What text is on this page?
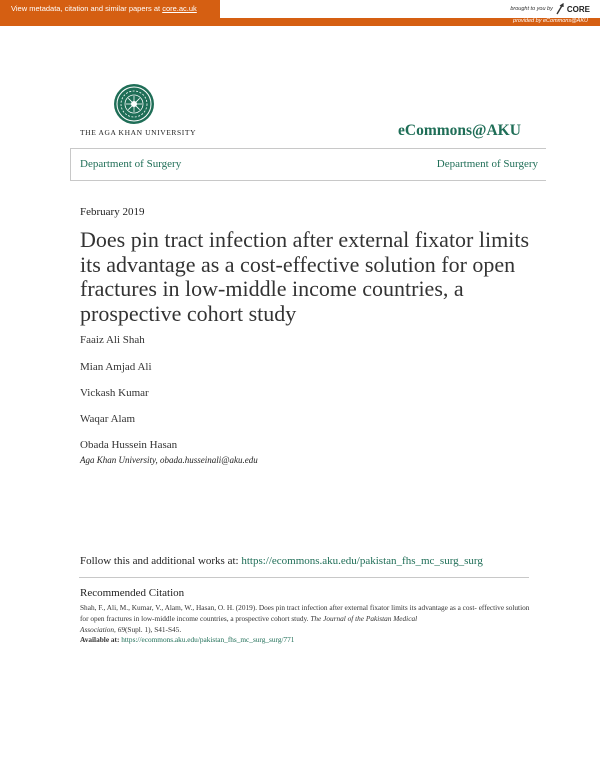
View metadata, citation and similar papers at core.ac.uk	brought to you by CORE
provided by eCommons@AKU
THE AGA KHAN UNIVERSITY	eCommons@AKU
Department of Surgery	Department of Surgery
February 2019
Does pin tract infection after external fixator limits
its advantage as a cost-effective solution for open
fractures in low-middle income countries, a
prospective cohort study
Faaiz Ali Shah
Mian Amjad Ali
Vickash Kumar
Waqar Alam
Obada Hussein Hasan
Aga Khan University, obada.husseinali@aku.edu
Follow this and additional works at: https://ecommons.aku.edu/pakistan_fhs_mc_surg_surg
Recommended Citation
Shah, F., Ali, M., Kumar, V., Alam, W., Hasan, O. H. (2019). Does pin tract infection after external fixator limits its advantage as a cost- effective solution for open fractures in low-middle income countries, a prospective cohort study. The Journal of the Pakistan Medical
Association, 69(Supl. 1), S41-S45.
Available at: https://ecommons.aku.edu/pakistan_fhs_mc_surg_surg/771
